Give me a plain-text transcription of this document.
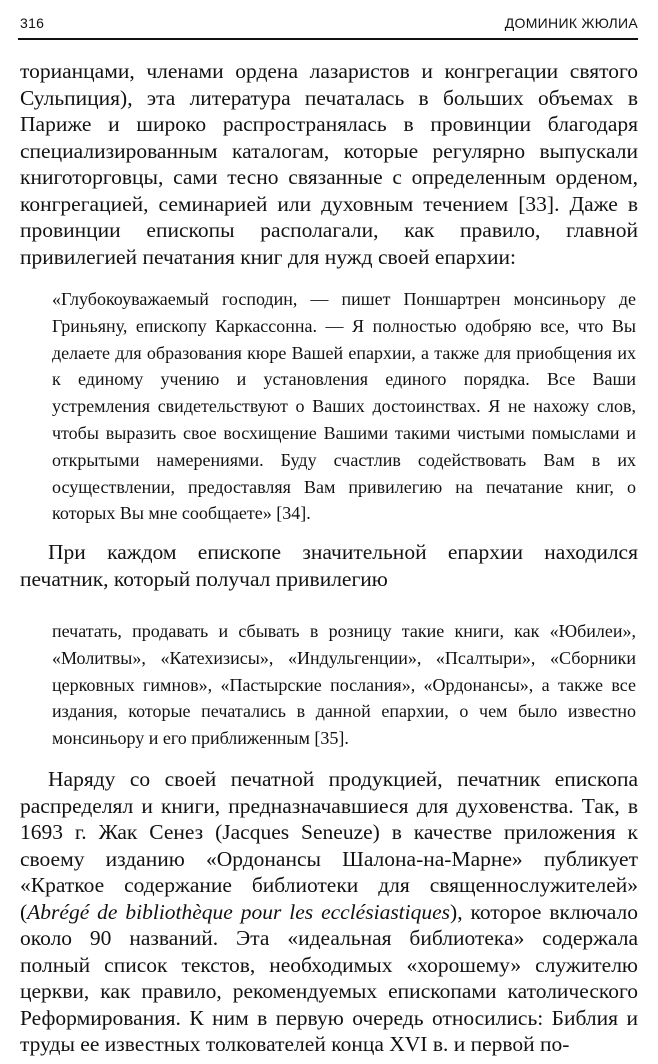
316	ДОМИНИК ЖЮЛИА
торианцами, членами ордена лазаристов и конгрегации святого Сульпиция), эта литература печаталась в больших объемах в Париже и широко распространялась в провинции благодаря специализированным каталогам, которые регулярно выпускали книготорговцы, сами тесно связанные с определенным орденом, конгрегацией, семинарией или духовным течением [33]. Даже в провинции епископы располагали, как правило, главной привилегией печатания книг для нужд своей епархии:
«Глубокоуважаемый господин, — пишет Поншартрен монсиньору де Гриньяну, епископу Каркассонна. — Я полностью одобряю все, что Вы делаете для образования кюре Вашей епархии, а также для приобщения их к единому учению и установления единого порядка. Все Ваши устремления свидетельствуют о Ваших достоинствах. Я не нахожу слов, чтобы выразить свое восхищение Вашими такими чистыми помыслами и открытыми намерениями. Буду счастлив содействовать Вам в их осуществлении, предоставляя Вам привилегию на печатание книг, о которых Вы мне сообщаете» [34].
При каждом епископе значительной епархии находился печатник, который получал привилегию
печатать, продавать и сбывать в розницу такие книги, как «Юбилеи», «Молитвы», «Катехизисы», «Индульгенции», «Псалтыри», «Сборники церковных гимнов», «Пастырские послания», «Ордонансы», а также все издания, которые печатались в данной епархии, о чем было известно монсиньору и его приближенным [35].
Наряду со своей печатной продукцией, печатник епископа распределял и книги, предназначавшиеся для духовенства. Так, в 1693 г. Жак Сенез (Jacques Seneuze) в качестве приложения к своему изданию «Ордонансы Шалона-на-Марне» публикует «Краткое содержание библиотеки для священнослужителей» (Abrégé de bibliothèque pour les ecclésiastiques), которое включало около 90 названий. Эта «идеальная библиотека» содержала полный список текстов, необходимых «хорошему» служителю церкви, как правило, рекомендуемых епископами католического Реформирования. К ним в первую очередь относились: Библия и труды ее известных толкователей конца XVI в. и первой по-
